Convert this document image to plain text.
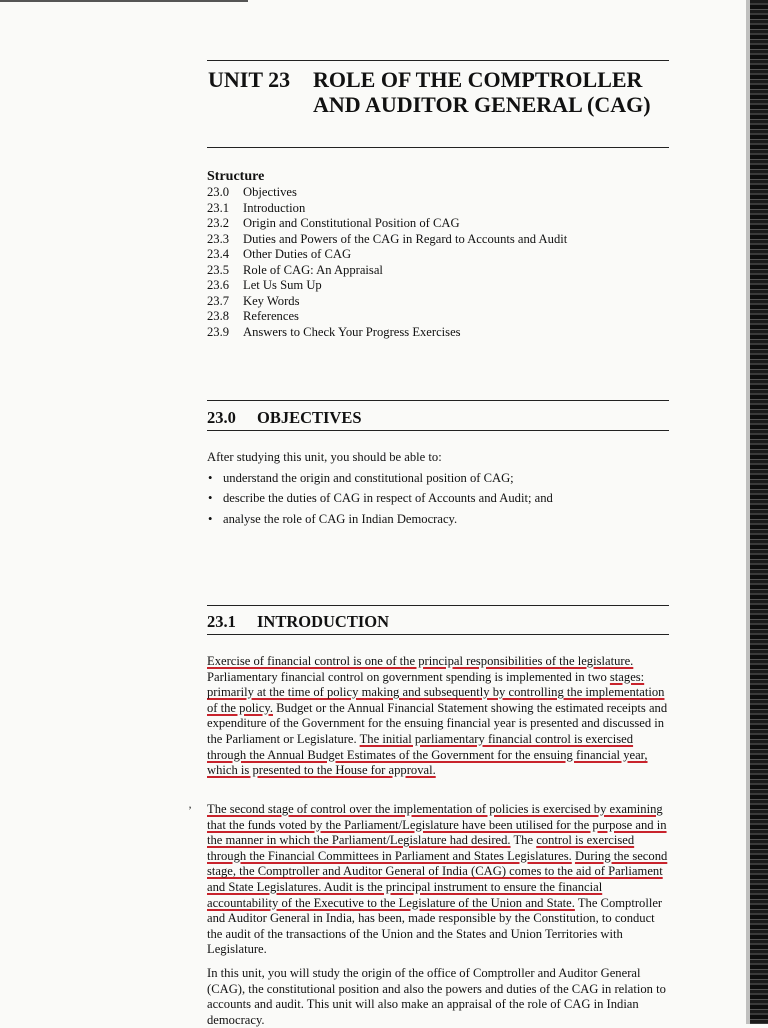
UNIT 23 ROLE OF THE COMPTROLLER AND AUDITOR GENERAL (CAG)
Structure
23.0 Objectives
23.1 Introduction
23.2 Origin and Constitutional Position of CAG
23.3 Duties and Powers of the CAG in Regard to Accounts and Audit
23.4 Other Duties of CAG
23.5 Role of CAG: An Appraisal
23.6 Let Us Sum Up
23.7 Key Words
23.8 References
23.9 Answers to Check Your Progress Exercises
23.0 OBJECTIVES

After studying this unit, you should be able to:

• understand the origin and constitutional position of CAG;
• describe the duties of CAG in respect of Accounts and Audit; and
• analyse the role of CAG in Indian Democracy.
23.1 INTRODUCTION

Exercise of financial control is one of the principal responsibilities of the legislature. Parliamentary financial control on government spending is implemented in two stages: primarily at the time of policy making and subsequently by controlling the implementation of the policy. Budget or the Annual Financial Statement showing the estimated receipts and expenditure of the Government for the ensuing financial year is presented and discussed in the Parliament or Legislature. The initial parliamentary financial control is exercised through the Annual Budget Estimates of the Government for the ensuing financial year, which is presented to the House for approval.

’ The second stage of control over the implementation of policies is exercised by examining that the funds voted by the Parliament/Legislature have been utilised for the purpose and in the manner in which the Parliament/Legislature had desired. The control is exercised through the Financial Committees in Parliament and States Legislatures. During the second stage, the Comptroller and Auditor General of India (CAG) comes to the aid of Parliament and State Legislatures. Audit is the principal instrument to ensure the financial accountability of the Executive to the Legislature of the Union and State. The Comptroller and Auditor General in India, has been, made responsible by the Constitution, to conduct the audit of the transactions of the Union and the States and Union Territories with Legislature.

In this unit, you will study the origin of the office of Comptroller and Auditor General (CAG), the constitutional position and also the powers and duties of the CAG in relation to accounts and audit. This unit will also make an appraisal of the role of CAG in Indian democracy.
